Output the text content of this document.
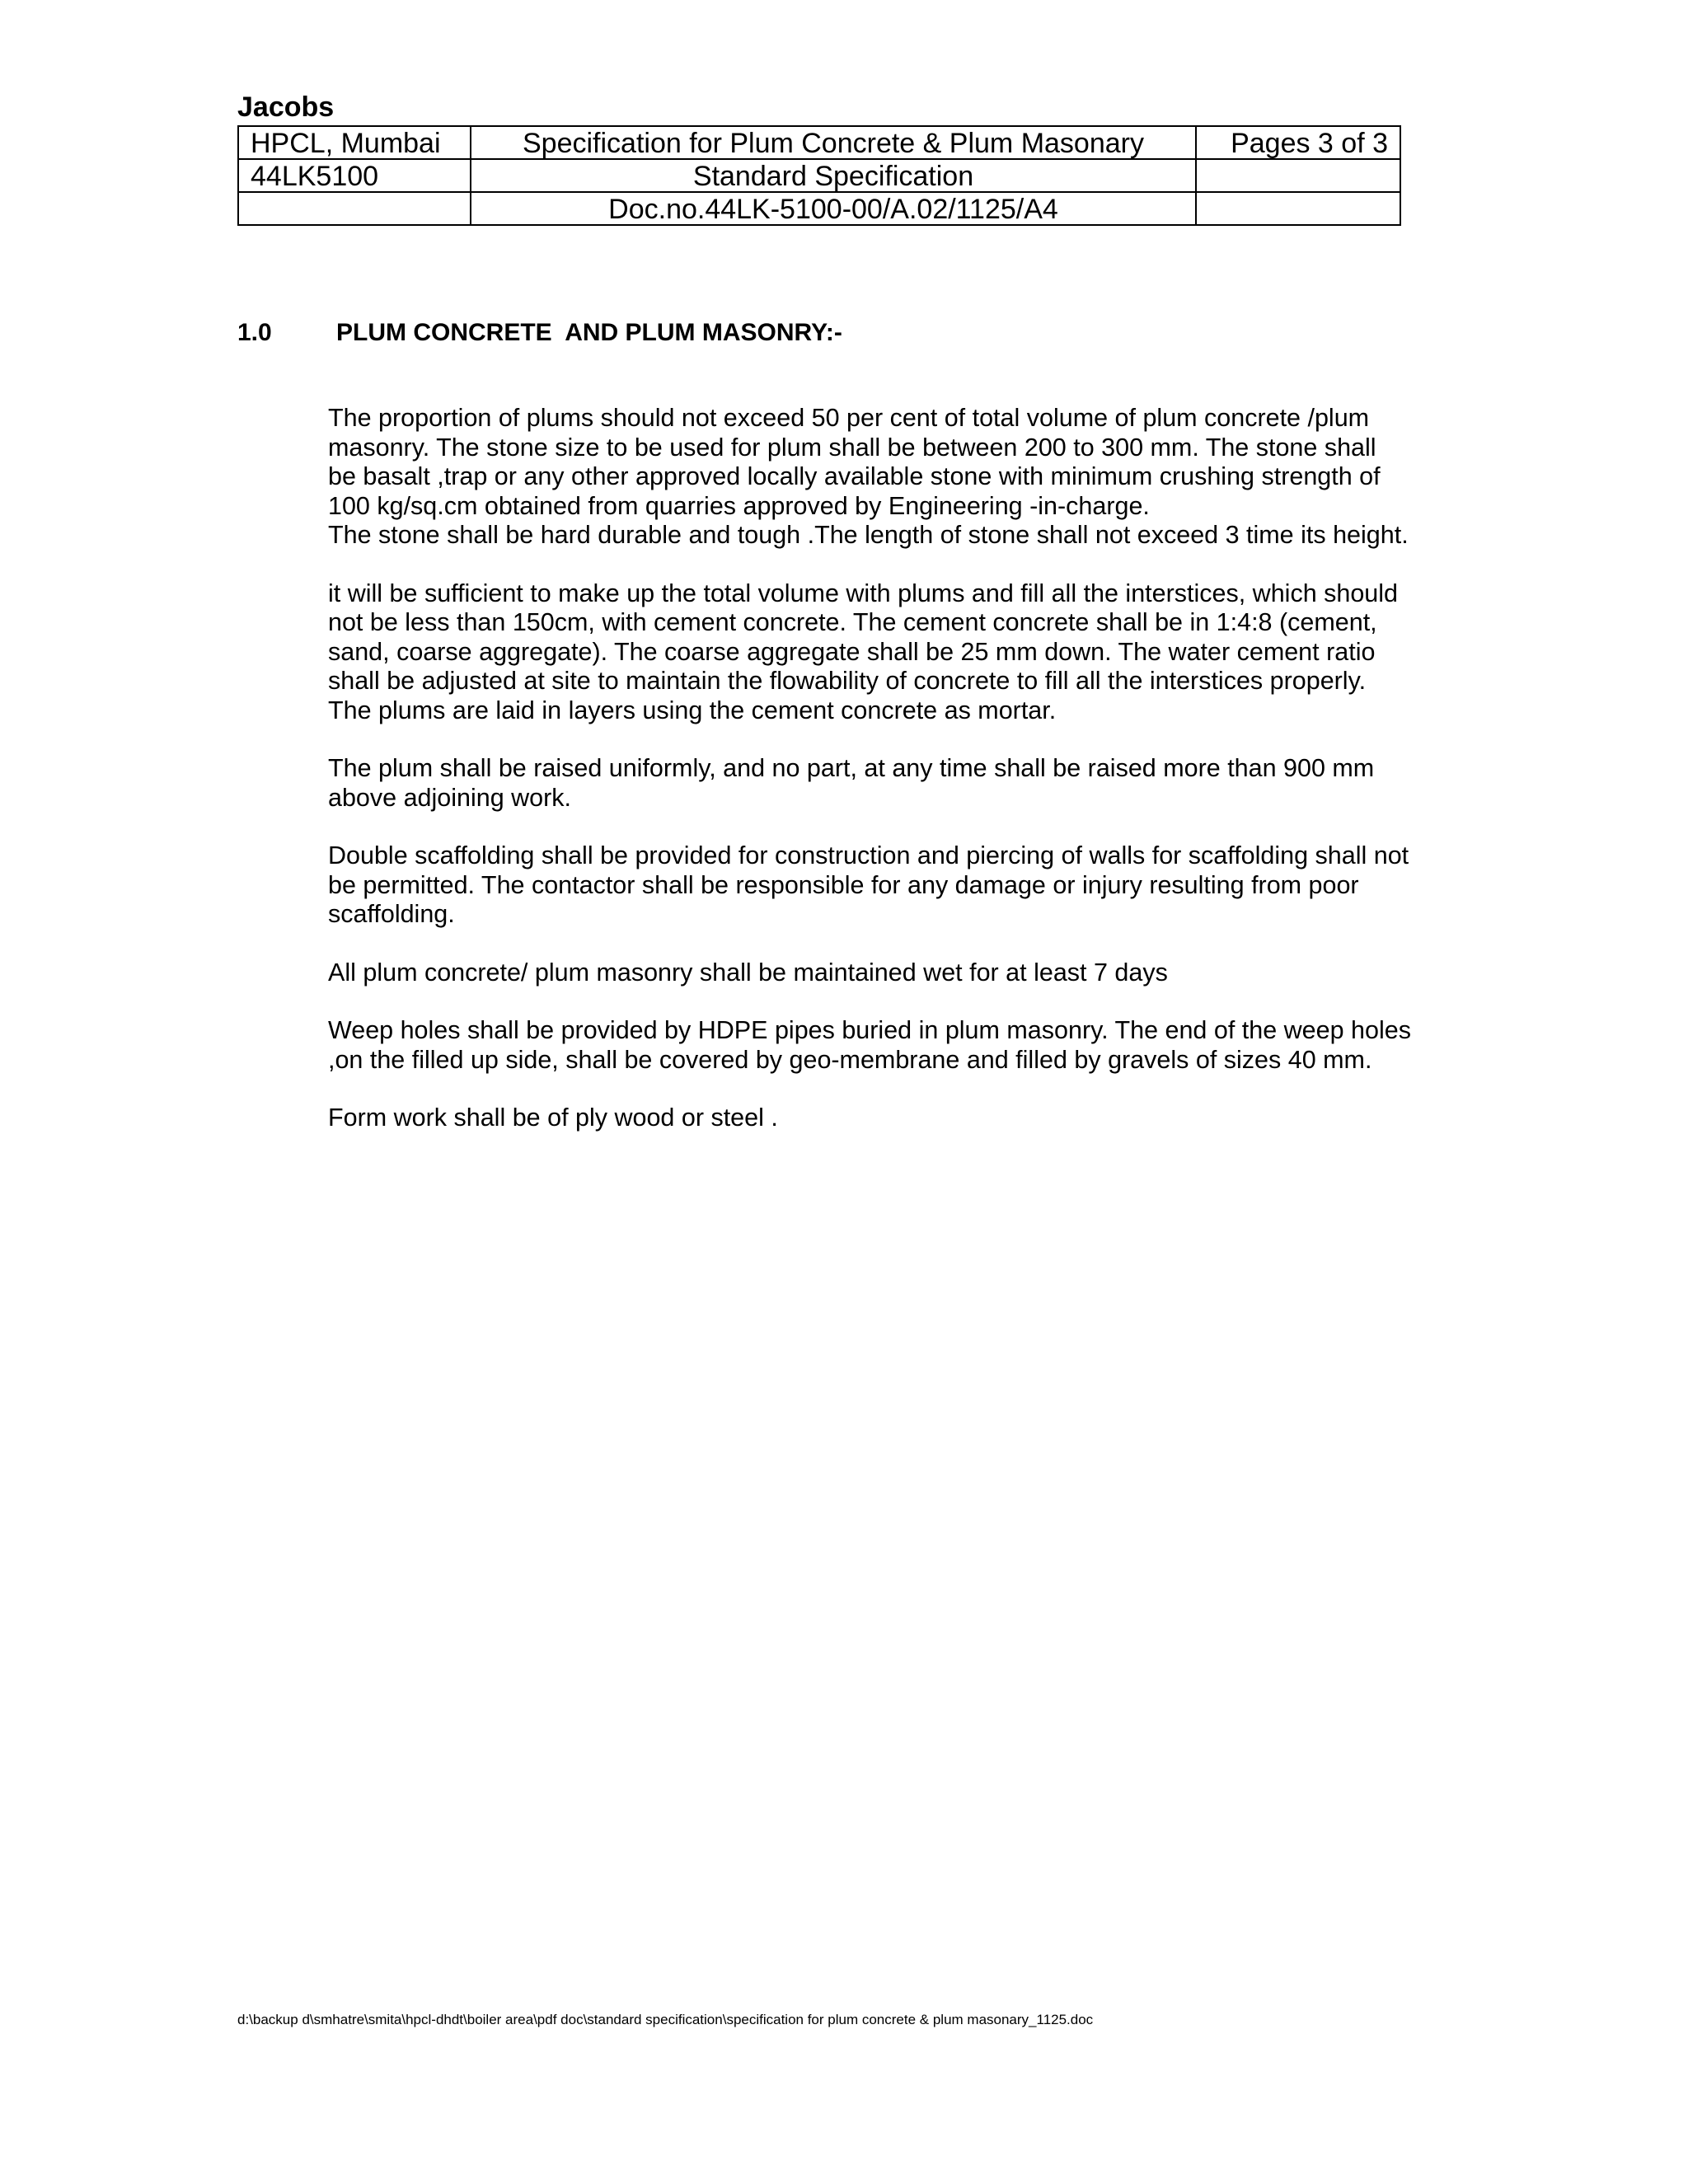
Jacobs
HPCL, Mumbai	Specification for Plum Concrete & Plum Masonary	Pages 3 of 3
44LK5100	Standard Specification	
	Doc.no.44LK-5100-00/A.02/1125/A4	
1.0	PLUM CONCRETE  AND PLUM MASONRY:-

The proportion of plums should not exceed 50 per cent of total volume of plum concrete /plum
masonry. The stone size to be used for plum shall be between 200 to 300 mm. The stone shall
be basalt ,trap or any other approved locally available stone with minimum crushing strength of
100 kg/sq.cm obtained from quarries approved by Engineering -in-charge.

The stone shall be hard durable and tough .The length of stone shall not exceed 3 time its height.

it will be sufficient to make up the total volume with plums and fill all the interstices, which should
not be less than 150cm, with cement concrete. The cement concrete shall be in 1:4:8 (cement,
sand, coarse aggregate). The coarse aggregate shall be 25 mm down. The water cement ratio
shall be adjusted at site to maintain the flowability of concrete to fill all the interstices properly.
The plums are laid in layers using the cement concrete as mortar.

The plum shall be raised uniformly, and no part, at any time shall be raised more than 900 mm
above adjoining work.

Double scaffolding shall be provided for construction and piercing of walls for scaffolding shall not
be permitted. The contactor shall be responsible for any damage or injury resulting from poor
scaffolding.

All plum concrete/ plum masonry shall be maintained wet for at least 7 days

Weep holes shall be provided by HDPE pipes buried in plum masonry. The end of the weep holes
,on the filled up side, shall be covered by geo-membrane and filled by gravels of sizes 40 mm.

Form work shall be of ply wood or steel .

d:\backup d\smhatre\smita\hpcl-dhdt\boiler area\pdf doc\standard specification\specification for plum concrete & plum masonary_1125.doc
